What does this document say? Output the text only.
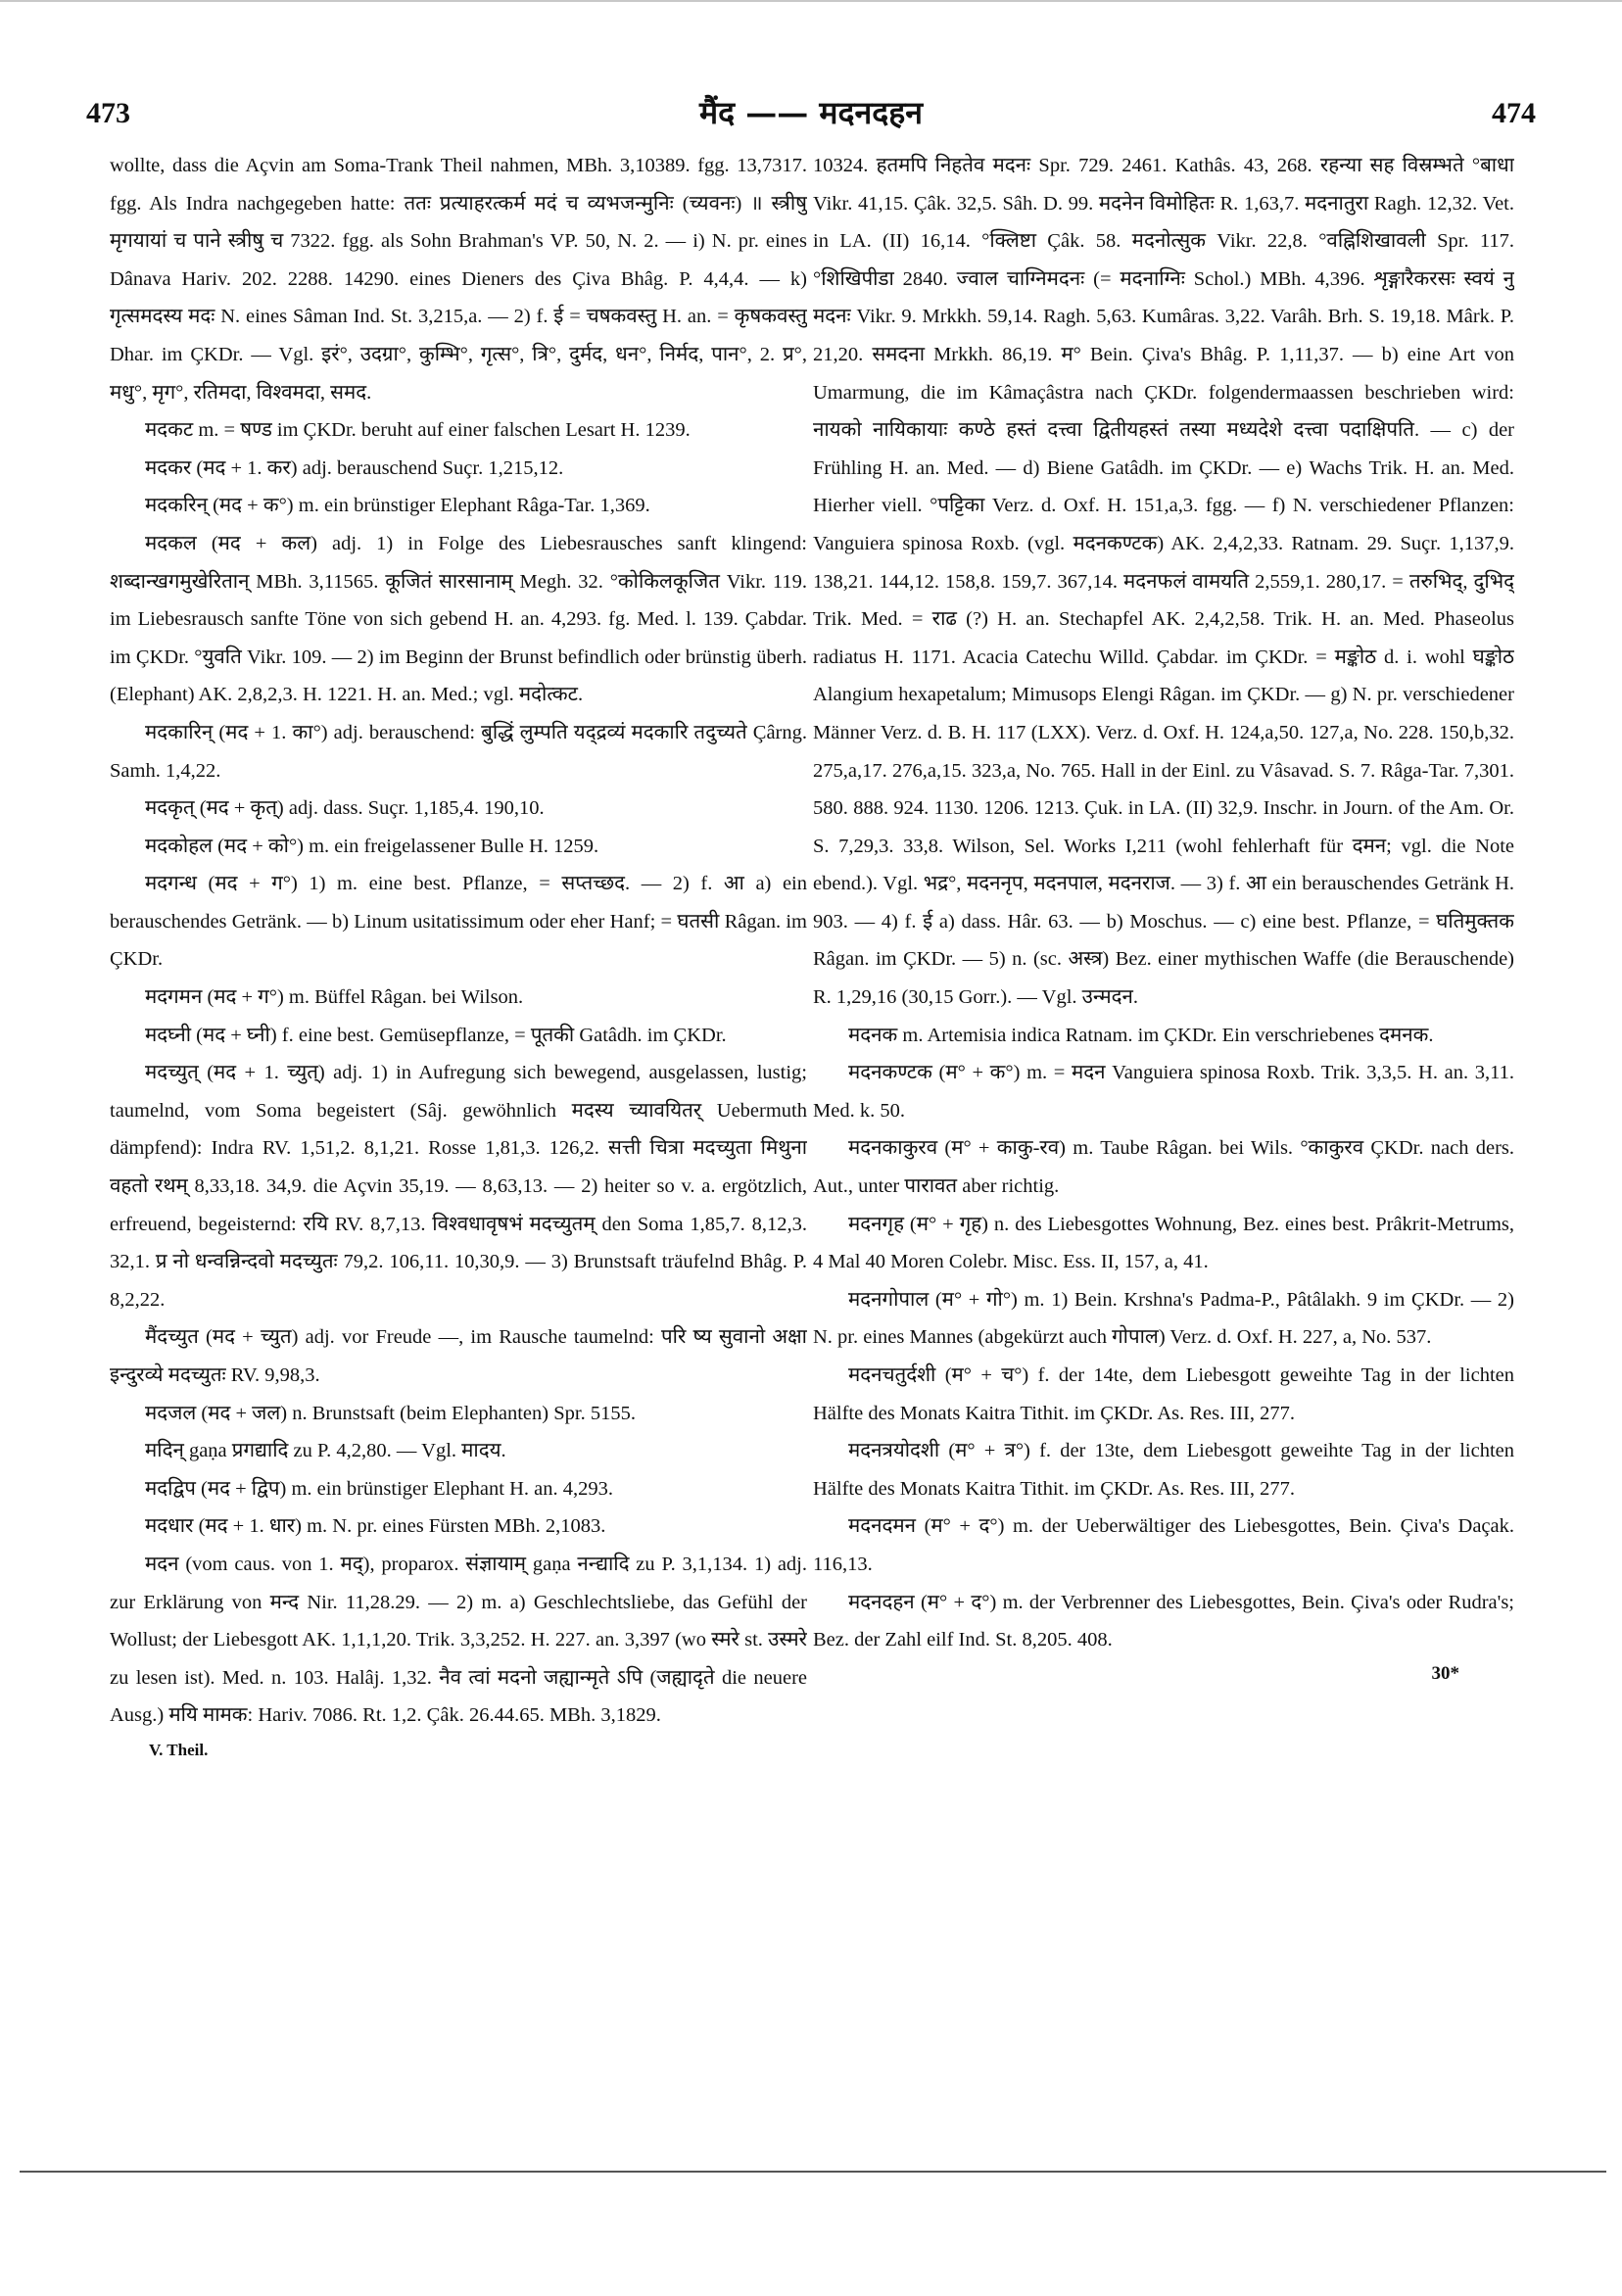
473	मैंद —— मदनदहन	474

wollte, dass die Açvin am Soma-Trank Theil nahmen, MBh. 3,10389. fgg. 13,7317. fgg. Als Indra nachgegeben hatte: ततः प्रत्याहरत्कर्म मदं च व्यभजन्मुनिः (च्यवनः) ॥ स्त्रीषु मृगयायां च पाने स्त्रीषु च 7322. fgg. als Sohn Brahman's VP. 50, N. 2. — i) N. pr. eines Dânava Hariv. 202. 2288. 14290. eines Dieners des Çiva Bhâg. P. 4,4,4. — k) गृत्समदस्य मदः N. eines Sâman Ind. St. 3,215,a. — 2) f. ई = चषकवस्तु H. an. = कृषकवस्तु Dhar. im ÇKDr. — Vgl. इरं°, उदग्रा°, कुम्भि°, गृत्स°, त्रि°, दुर्मद, धन°, निर्मद, पान°, 2. प्र°, मधु°, मृग°, रतिमदा, विश्वमदा, समद.

मदकट m. = षण्ड im ÇKDr. beruht auf einer falschen Lesart H. 1239.

मदकर (मद + 1. कर) adj. berauschend Suçr. 1,215,12.

मदकरिन् (मद + क°) m. ein brünstiger Elephant Râga-Tar. 1,369.

मदकल (मद + कल) adj. 1) in Folge des Liebesrausches sanft klingend: शब्दान्खगमुखेरितान् MBh. 3,11565. कूजितं सारसानाम् Megh. 32. °कोकिलकूजित Vikr. 119. im Liebesrausch sanfte Töne von sich gebend H. an. 4,293. fg. Med. l. 139. Çabdar. im ÇKDr. °युवति Vikr. 109. — 2) im Beginn der Brunst befindlich oder brünstig überh. (Elephant) AK. 2,8,2,3. H. 1221. H. an. Med.; vgl. मदोत्कट.

मदकारिन् (मद + 1. का°) adj. berauschend: बुद्धिं लुम्पति यद्द्रव्यं मदकारि तदुच्यते Çârng. Samh. 1,4,22.

मदकृत् (मद + कृत्) adj. dass. Suçr. 1,185,4. 190,10.

मदकोहल (मद + को°) m. ein freigelassener Bulle H. 1259.

मदगन्ध (मद + ग°) 1) m. eine best. Pflanze, = सप्तच्छद. — 2) f. आ a) ein berauschendes Getränk. — b) Linum usitatissimum oder eher Hanf; = घतसी Râgan. im ÇKDr.

मदगमन (मद + ग°) m. Büffel Râgan. bei Wilson.

मदघ्नी (मद + घ्नी) f. eine best. Gemüsepflanze, = पूतकी Gatâdh. im ÇKDr.

मदच्युत् (मद + 1. च्युत्) adj. 1) in Aufregung sich bewegend, ausgelassen, lustig; taumelnd, vom Soma begeistert (Sâj. gewöhnlich मदस्य च्यावयितर् Uebermuth dämpfend): Indra RV. 1,51,2. 8,1,21. Rosse 1,81,3. 126,2. सत्ती चित्रा मदच्युता मिथुना वहतो रथम् 8,33,18. 34,9. die Açvin 35,19. — 8,63,13. — 2) heiter so v. a. ergötzlich, erfreuend, begeisternd: रयि RV. 8,7,13. विश्वधावृषभं मदच्युतम् den Soma 1,85,7. 8,12,3. 32,1. प्र नो धन्वन्निन्दवो मदच्युतः 79,2. 106,11. 10,30,9. — 3) Brunstsaft träufelnd Bhâg. P. 8,2,22.

मैंदच्युत (मद + च्युत) adj. vor Freude —, im Rausche taumelnd: परि ष्य सुवानो अक्षा इन्दुरव्ये मदच्युतः RV. 9,98,3.

मदजल (मद + जल) n. Brunstsaft (beim Elephanten) Spr. 5155.

मदिन् gaṇa प्रगद्यादि zu P. 4,2,80. — Vgl. मादय.

मदद्विप (मद + द्विप) m. ein brünstiger Elephant H. an. 4,293.

मदधार (मद + 1. धार) m. N. pr. eines Fürsten MBh. 2,1083.

मदन (vom caus. von 1. मद्), proparox. संज्ञायाम् gaṇa नन्द्यादि zu P. 3,1,134. 1) adj. zur Erklärung von मन्द Nir. 11,28.29. — 2) m. a) Geschlechtsliebe, das Gefühl der Wollust; der Liebesgott AK. 1,1,1,20. Trik. 3,3,252. H. 227. an. 3,397 (wo स्मरे st. उस्मरे zu lesen ist). Med. n. 103. Halâj. 1,32. नैव त्वां मदनो जह्यान्मृते ऽपि (जह्यादृते die neuere Ausg.) मयि मामक: Hariv. 7086. Rt. 1,2. Çâk. 26.44.65. MBh. 3,1829.

V. Theil.

10324. हतमपि निहतेव मदनः Spr. 729. 2461. Kathâs. 43, 268. रहन्या सह विस्रम्भते °बाधा Vikr. 41,15. Çâk. 32,5. Sâh. D. 99. मदनेन विमोहितः R. 1,63,7. मदनातुरा Ragh. 12,32. Vet. in LA. (II) 16,14. °क्लिष्टा Çâk. 58. मदनोत्सुक Vikr. 22,8. °वह्निशिखावली Spr. 117. °शिखिपीडा 2840. ज्वाल चाग्निमदनः (= मदनाग्निः Schol.) MBh. 4,396. शृङ्गारैकरसः स्वयं नु मदनः Vikr. 9. Mrkkh. 59,14. Ragh. 5,63. Kumâras. 3,22. Varâh. Brh. S. 19,18. Mârk. P. 21,20. समदना Mrkkh. 86,19. म° Bein. Çiva's Bhâg. P. 1,11,37. — b) eine Art von Umarmung, die im Kâmaçâstra nach ÇKDr. folgendermaassen beschrieben wird: नायको नायिकायाः कण्ठे हस्तं दत्त्वा द्वितीयहस्तं तस्या मध्यदेशे दत्त्वा पदाक्षिपति. — c) der Frühling H. an. Med. — d) Biene Gatâdh. im ÇKDr. — e) Wachs Trik. H. an. Med. Hierher viell. °पट्टिका Verz. d. Oxf. H. 151,a,3. fgg. — f) N. verschiedener Pflanzen: Vanguiera spinosa Roxb. (vgl. मदनकण्टक) AK. 2,4,2,33. Ratnam. 29. Suçr. 1,137,9. 138,21. 144,12. 158,8. 159,7. 367,14. मदनफलं वामयति 2,559,1. 280,17. = तरुभिद्, दुभिद् Trik. Med. = राढ (?) H. an. Stechapfel AK. 2,4,2,58. Trik. H. an. Med. Phaseolus radiatus H. 1171. Acacia Catechu Willd. Çabdar. im ÇKDr. = मङ्कोठ d. i. wohl घङ्कोठ Alangium hexapetalum; Mimusops Elengi Râgan. im ÇKDr. — g) N. pr. verschiedener Männer Verz. d. B. H. 117 (LXX). Verz. d. Oxf. H. 124,a,50. 127,a, No. 228. 150,b,32. 275,a,17. 276,a,15. 323,a, No. 765. Hall in der Einl. zu Vâsavad. S. 7. Râga-Tar. 7,301. 580. 888. 924. 1130. 1206. 1213. Çuk. in LA. (II) 32,9. Inschr. in Journ. of the Am. Or. S. 7,29,3. 33,8. Wilson, Sel. Works I,211 (wohl fehlerhaft für दमन; vgl. die Note ebend.). Vgl. भद्र°, मदननृप, मदनपाल, मदनराज. — 3) f. आ ein berauschendes Getränk H. 903. — 4) f. ई a) dass. Hâr. 63. — b) Moschus. — c) eine best. Pflanze, = घतिमुक्तक Râgan. im ÇKDr. — 5) n. (sc. अस्त्र) Bez. einer mythischen Waffe (die Berauschende) R. 1,29,16 (30,15 Gorr.). — Vgl. उन्मदन.

मदनक m. Artemisia indica Ratnam. im ÇKDr. Ein verschriebenes दमनक.

मदनकण्टक (म° + क°) m. = मदन Vanguiera spinosa Roxb. Trik. 3,3,5. H. an. 3,11. Med. k. 50.

मदनकाकुरव (म° + काकु-रव) m. Taube Râgan. bei Wils. °काकुरव ÇKDr. nach ders. Aut., unter पारावत aber richtig.

मदनगृह (म° + गृह) n. des Liebesgottes Wohnung, Bez. eines best. Prâkrit-Metrums, 4 Mal 40 Moren Colebr. Misc. Ess. II, 157, a, 41.

मदनगोपाल (म° + गो°) m. 1) Bein. Krshna's Padma-P., Pâtâlakh. 9 im ÇKDr. — 2) N. pr. eines Mannes (abgekürzt auch गोपाल) Verz. d. Oxf. H. 227, a, No. 537.

मदनचतुर्दशी (म° + च°) f. der 14te, dem Liebesgott geweihte Tag in der lichten Hälfte des Monats Kaitra Tithit. im ÇKDr. As. Res. III, 277.

मदनत्रयोदशी (म° + त्र°) f. der 13te, dem Liebesgott geweihte Tag in der lichten Hälfte des Monats Kaitra Tithit. im ÇKDr. As. Res. III, 277.

मदनदमन (म° + द°) m. der Ueberwältiger des Liebesgottes, Bein. Çiva's Daçak. 116,13.

मदनदहन (म° + द°) m. der Verbrenner des Liebesgottes, Bein. Çiva's oder Rudra's; Bez. der Zahl eilf Ind. St. 8,205. 408.

30*
